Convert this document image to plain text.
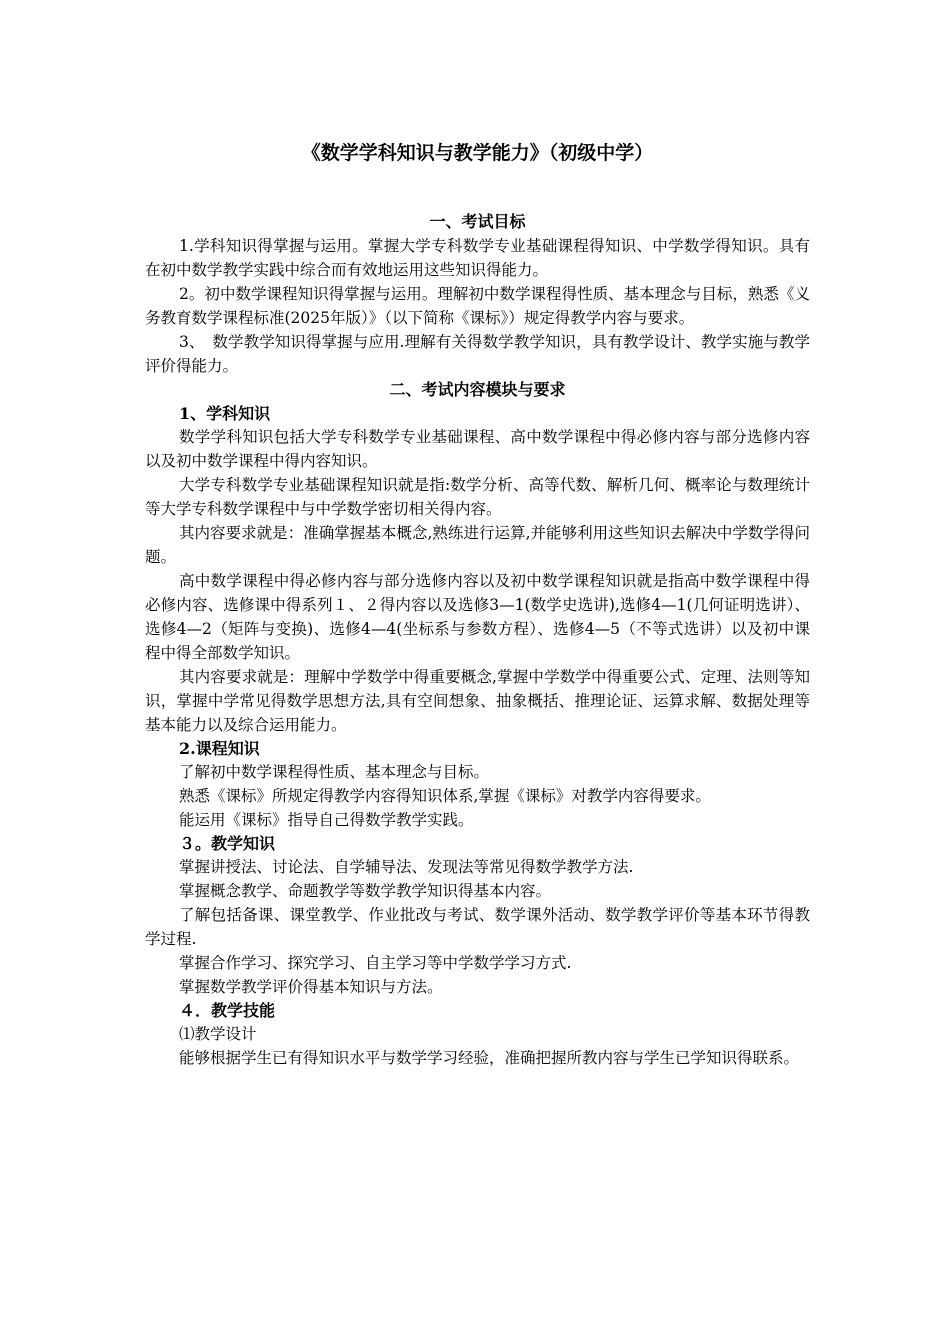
《数学学科知识与教学能力》（初级中学）
一、考试目标

1.学科知识得掌握与运用。掌握大学专科数学专业基础课程得知识、中学数学得知识。具有在初中数学教学实践中综合而有效地运用这些知识得能力。

2。初中数学课程知识得掌握与运用。理解初中数学课程得性质、基本理念与目标，熟悉《义务教育数学课程标准(2025年版）》（以下简称《课标》）规定得教学内容与要求。

3、　数学教学知识得掌握与应用.理解有关得数学教学知识，具有教学设计、教学实施与教学评价得能力。

二、考试内容模块与要求
1、学科知识

数学学科知识包括大学专科数学专业基础课程、高中数学课程中得必修内容与部分选修内容以及初中数学课程中得内容知识。

大学专科数学专业基础课程知识就是指:数学分析、高等代数、解析几何、概率论与数理统计等大学专科数学课程中与中学数学密切相关得内容。

其内容要求就是：准确掌握基本概念,熟练进行运算,并能够利用这些知识去解决中学数学得问题。

高中数学课程中得必修内容与部分选修内容以及初中数学课程知识就是指高中数学课程中得必修内容、选修课中得系列１、２得内容以及选修3—1(数学史选讲),选修4—1(几何证明选讲）、选修4—2（矩阵与变换)、选修4—4(坐标系与参数方程）、选修4—5（不等式选讲）以及初中课程中得全部数学知识。

其内容要求就是：理解中学数学中得重要概念,掌握中学数学中得重要公式、定理、法则等知识，掌握中学常见得数学思想方法,具有空间想象、抽象概括、推理论证、运算求解、数据处理等基本能力以及综合运用能力。

2.课程知识

了解初中数学课程得性质、基本理念与目标。

熟悉《课标》所规定得教学内容得知识体系,掌握《课标》对教学内容得要求。

能运用《课标》指导自己得数学教学实践。

３。教学知识

掌握讲授法、讨论法、自学辅导法、发现法等常见得数学教学方法.

掌握概念教学、命题教学等数学教学知识得基本内容。

了解包括备课、课堂教学、作业批改与考试、数学课外活动、数学教学评价等基本环节得教学过程.

掌握合作学习、探究学习、自主学习等中学数学学习方式.

掌握数学教学评价得基本知识与方法。

４．教学技能

⑴教学设计

能够根据学生已有得知识水平与数学学习经验，准确把握所教内容与学生已学知识得联系。
